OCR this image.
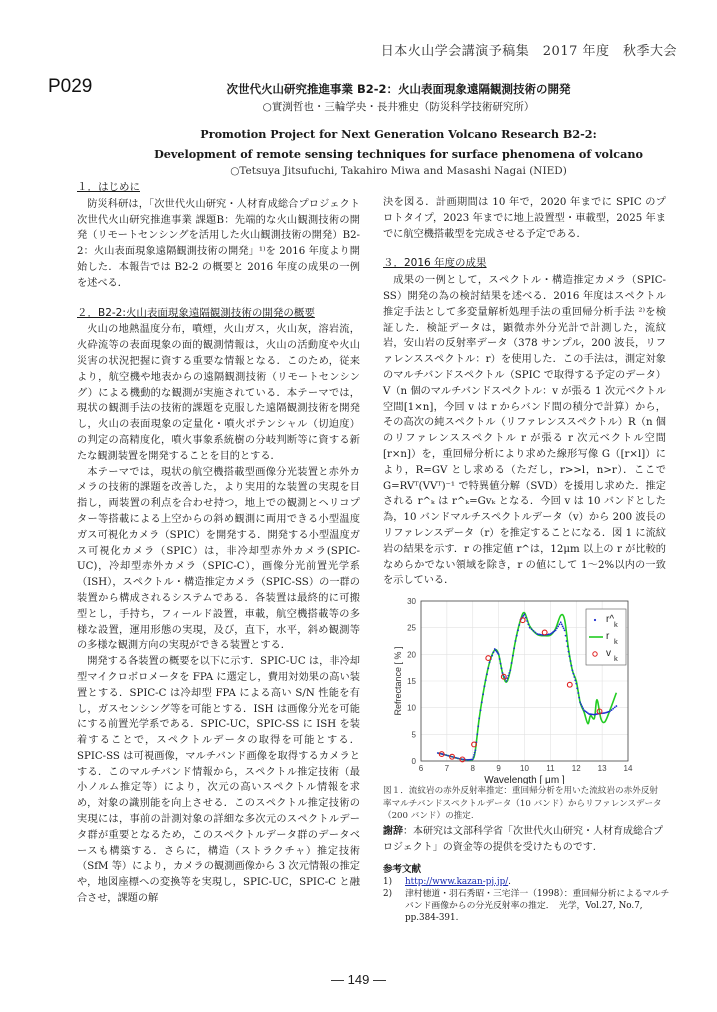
日本火山学会講演予稿集　2017 年度　秋季大会
P029	次世代火山研究推進事業 B2-2：火山表面現象遠隔観測技術の開発
○實渕哲也・三輪学央・長井雅史（防災科学技術研究所）
Promotion Project for Next Generation Volcano Research B2-2:
Development of remote sensing techniques for surface phenomena of volcano
○Tetsuya Jitsufuchi, Takahiro Miwa and Masashi Nagai (NIED)
１．はじめに

防災科研は，「次世代火山研究・人材育成総合プロジェクト 次世代火山研究推進事業 課題B：先端的な火山観測技術の開発（リモートセンシングを活用した火山観測技術の開発）B2-2：火山表面現象遠隔観測技術の開発」¹⁾を 2016 年度より開始した．本報告では B2-2 の概要と 2016 年度の成果の一例を述べる．

２．B2-2:火山表面現象遠隔観測技術の開発の概要

火山の地熱温度分布，噴煙，火山ガス，火山灰，溶岩流，火砕流等の表面現象の面的観測情報は，火山の活動度や火山災害の状況把握に資する重要な情報となる．このため，従来より，航空機や地表からの遠隔観測技術（リモートセンシング）による機動的な観測が実施されている．本テーマでは，現状の観測手法の技術的課題を克服した遠隔観測技術を開発し，火山の表面現象の定量化・噴火ポテンシャル（切迫度）の判定の高精度化，噴火事象系統樹の分岐判断等に資する新たな観測装置を開発することを目的とする．

本テーマでは，現状の航空機搭載型画像分光装置と赤外カメラの技術的課題を改善した，より実用的な装置の実現を目指し，両装置の利点を合わせ持つ，地上での観測とヘリコプター等搭載による上空からの斜め観測に両用できる小型温度ガス可視化カメラ（SPIC）を開発する．開発する小型温度ガス可視化カメラ（SPIC）は，非冷却型赤外カメラ(SPIC-UC)，冷却型赤外カメラ（SPIC-C），画像分光前置光学系（ISH），スペクトル・構造推定カメラ（SPIC-SS）の一群の装置から構成されるシステムである．各装置は最終的に可搬型とし，手持ち，フィールド設置，車載，航空機搭載等の多様な設置，運用形態の実現，及び，直下，水平，斜め観測等の多様な観測方向の実現ができる装置とする．

開発する各装置の概要を以下に示す．SPIC-UC は，非冷却型マイクロボロメータを FPA に選定し，費用対効果の高い装置とする．SPIC-C は冷却型 FPA による高い S/N 性能を有し，ガスセンシング等を可能とする．ISH は画像分光を可能にする前置光学系である．SPIC-UC，SPIC-SS に ISH を装着することで，スペクトルデータの取得を可能とする．SPIC-SS は可視画像，マルチバンド画像を取得するカメラとする．このマルチバンド情報から，スペクトル推定技術（最小ノルム推定等）により，次元の高いスペクトル情報を求め，対象の識別能を向上させる．このスペクトル推定技術の実現には，事前の計測対象の詳細な多次元のスペクトルデータ群が重要となるため，このスペクトルデータ群のデータベースも構築する．さらに，構造（ストラクチャ）推定技術（SfM 等）により，カメラの観測画像から 3 次元情報の推定や，地図座標への変換等を実現し，SPIC-UC，SPIC-C と融合させ，課題の解

決を図る．計画期間は 10 年で，2020 年までに SPIC のプロトタイプ，2023 年までに地上設置型・車載型，2025 年までに航空機搭載型を完成させる予定である．

３．2016 年度の成果

成果の一例として，スペクトル・構造推定カメラ（SPIC-SS）開発の為の検討結果を述べる．2016 年度はスペクトル推定手法として多変量解析処理手法の重回帰分析手法 ²⁾を検証した．検証データは，顕微赤外分光計で計測した，流紋岩，安山岩の反射率データ（378 サンプル，200 波長，リファレンススペクトル：r）を使用した．この手法は，測定対象のマルチバンドスペクトル（SPIC で取得する予定のデータ）V（n 個のマルチバンドスペクトル：v が張る 1 次元ベクトル空間[1×n]，今回 v は r からバンド間の積分で計算）から，その高次の純スペクトル（リファレンススペクトル）R（n 個のリファレンススペクトル r が張る r 次元ベクトル空間[r×n]）を，重回帰分析により求めた線形写像 G（[r×l]）により，R=GV とし求める（ただし，r>>l，n>r）．ここで G=RVᵀ(VVᵀ)⁻¹ で特異値分解（SVD）を援用し求めた．推定される r^ₖ は r^ₖ=Gvₖ となる．今回 v は 10 バンドとした為，10 バンドマルチスペクトルデータ（v）から 200 波長のリファレンスデータ（r）を推定することになる．図 1 に流紋岩の結果を示す．r の推定値 r^は，12μm 以上の r が比較的なめらかでない領域を除き，r の値にして 1～2%以内の一致を示している．

6	7	8	9 10 11 12 13 14
0
5
10
15
20
25
30
Wavelength [ μm ]
Refrectance [ % ]
r^ k
r k
v k
図１．流紋岩の赤外反射率推定：重回帰分析を用いた流紋岩の赤外反射率マルチバンドスペクトルデータ（10 バンド）からリファレンスデータ（200 バンド）の推定.
謝辞：本研究は文部科学省「次世代火山研究・人材育成総合プロジェクト」の資金等の提供を受けたものです.
参考文献
1)	http://www.kazan-pj.jp/.
2)	津村徳道・羽石秀昭・三宅洋一（1998）：重回帰分析によるマルチバンド画像からの分光反射率の推定．　光学，Vol.27, No.7, pp.384-391.
― 149 ―
